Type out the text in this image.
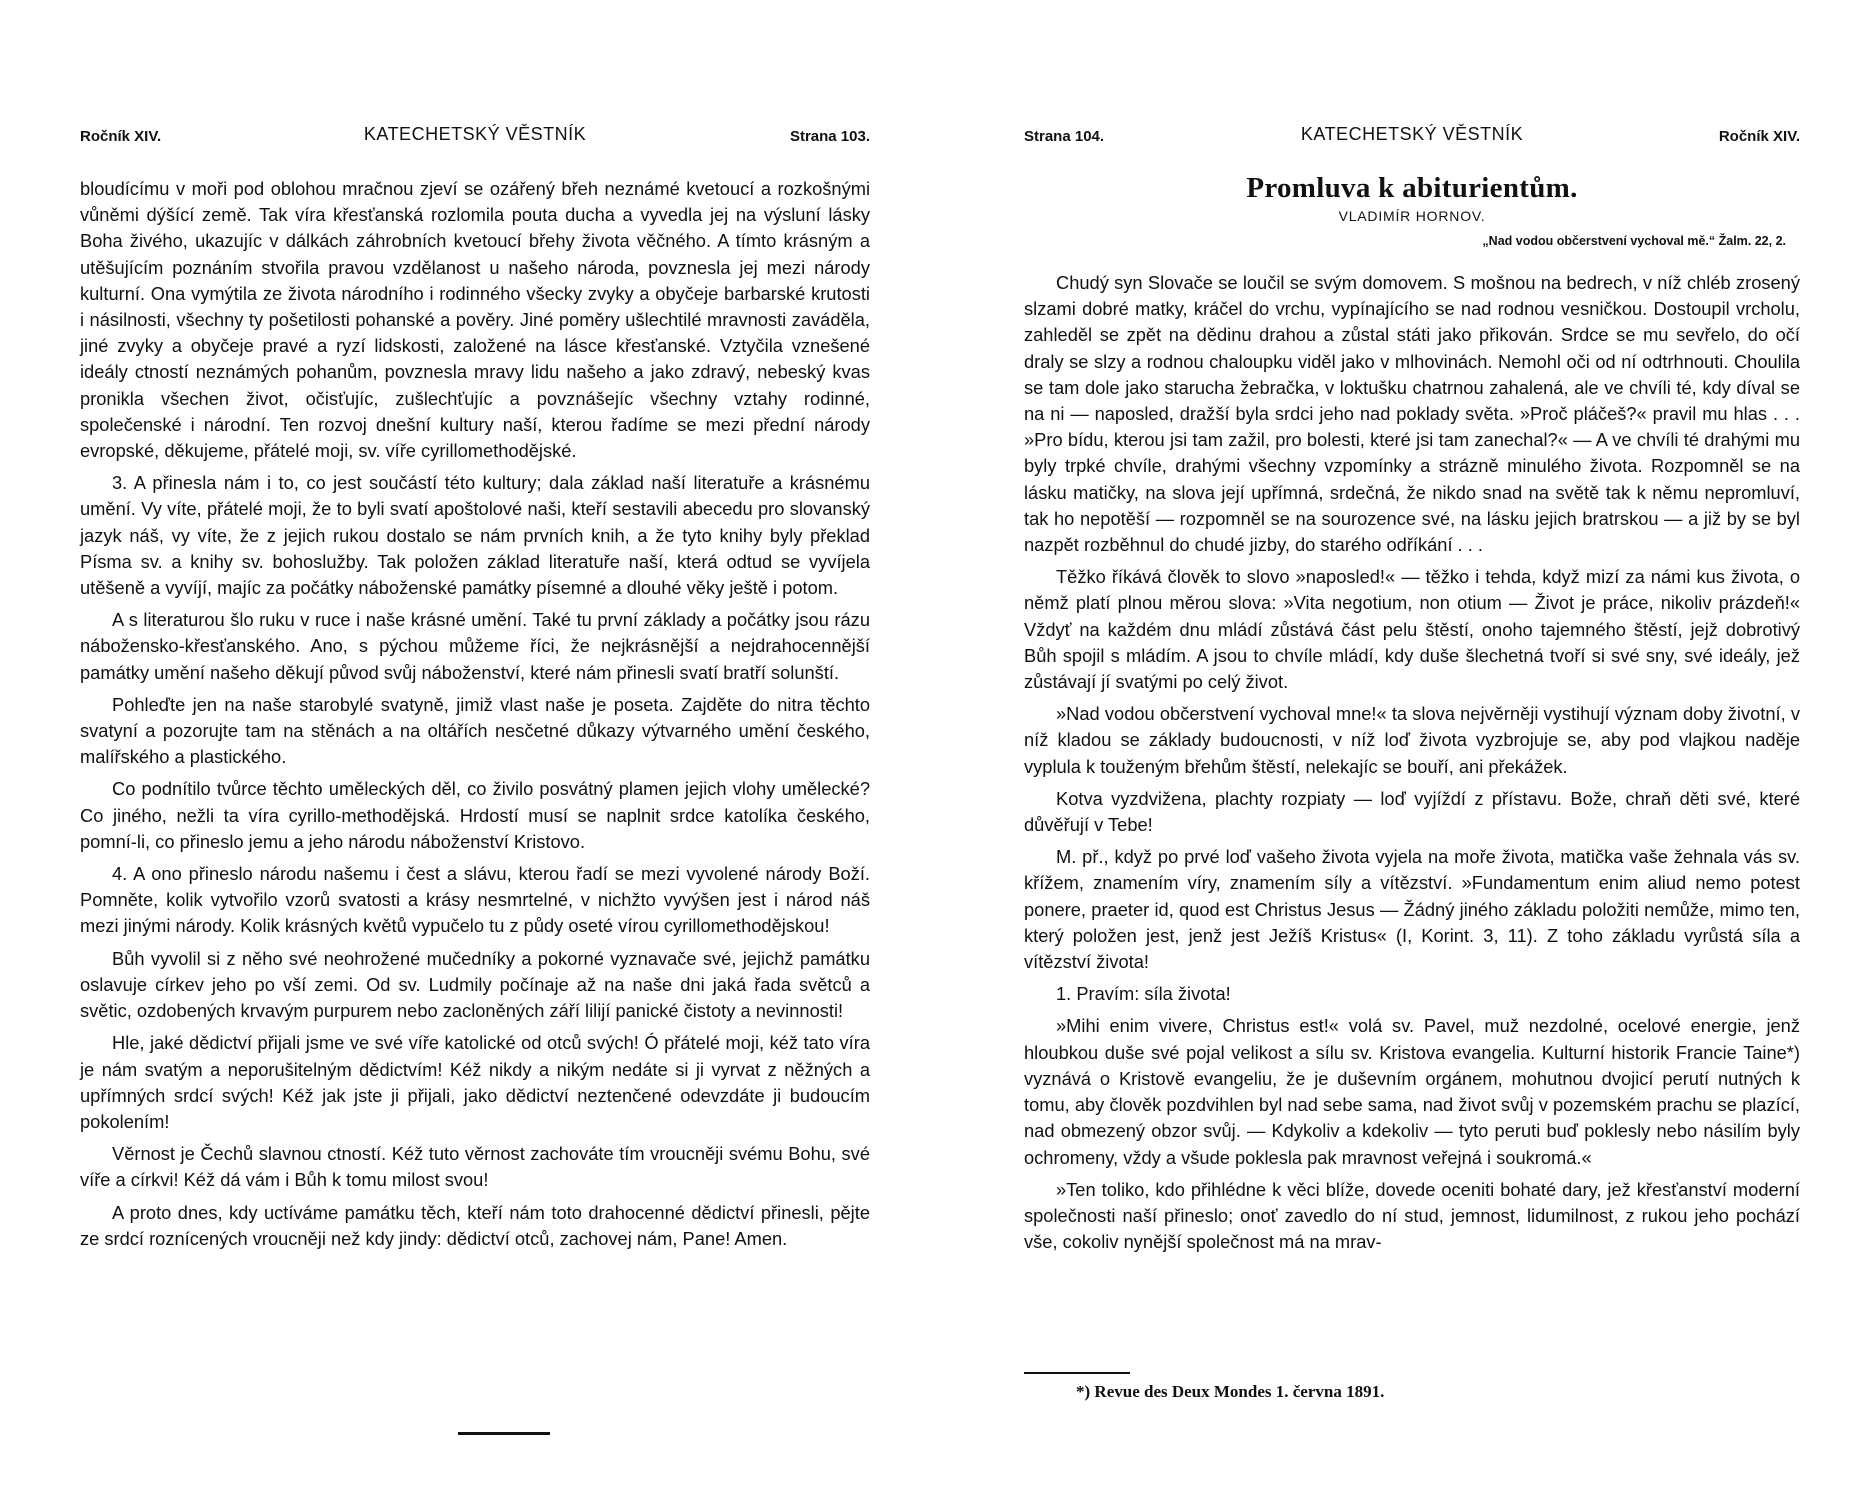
Ročník XIV.	KATECHETSKÝ VĚSTNÍK	Strana 103.

bloudícímu v moři pod oblohou mračnou zjeví se ozářený břeh neznámé kvetoucí a rozkošnými vůněmi dýšící země. Tak víra křesťanská rozlomila pouta ducha a vyvedla jej na výsluní lásky Boha živého, ukazujíc v dálkách záhrobních kvetoucí břehy života věčného. A tímto krásným a utěšujícím poznáním stvořila pravou vzdělanost u našeho národa, povznesla jej mezi národy kulturní. Ona vymýtila ze života národního i rodinného všecky zvyky a obyčeje barbarské krutosti i násilnosti, všechny ty pošetilosti pohanské a pověry. Jiné poměry ušlechtilé mravnosti zaváděla, jiné zvyky a obyčeje pravé a ryzí lidskosti, založené na lásce křesťanské. Vztyčila vznešené ideály ctností neznámých pohanům, povznesla mravy lidu našeho a jako zdravý, nebeský kvas pronikla všechen život, očisťujíc, zušlechťujíc a povznášejíc všechny vztahy rodinné, společenské i národní. Ten rozvoj dnešní kultury naší, kterou řadíme se mezi přední národy evropské, děkujeme, přátelé moji, sv. víře cyrillomethodějské.

3. A přinesla nám i to, co jest součástí této kultury; dala základ naší literatuře a krásnému umění. Vy víte, přátelé moji, že to byli svatí apoštolové naši, kteří sestavili abecedu pro slovanský jazyk náš, vy víte, že z jejich rukou dostalo se nám prvních knih, a že tyto knihy byly překlad Písma sv. a knihy sv. bohoslužby. Tak položen základ literatuře naší, která odtud se vyvíjela utěšeně a vyvíjí, majíc za počátky náboženské památky písemné a dlouhé věky ještě i potom.

A s literaturou šlo ruku v ruce i naše krásné umění. Také tu první základy a počátky jsou rázu nábožensko-křesťanského. Ano, s pýchou můžeme říci, že nejkrásnější a nejdrahocennější památky umění našeho děkují původ svůj náboženství, které nám přinesli svatí bratří solunští.

Pohleďte jen na naše starobylé svatyně, jimiž vlast naše je poseta. Zajděte do nitra těchto svatyní a pozorujte tam na stěnách a na oltářích nesčetné důkazy výtvarného umění českého, malířského a plastického.

Co podnítilo tvůrce těchto uměleckých děl, co živilo posvátný plamen jejich vlohy umělecké? Co jiného, nežli ta víra cyrillo-methodějská. Hrdostí musí se naplnit srdce katolíka českého, pomní-li, co přineslo jemu a jeho národu náboženství Kristovo.

4. A ono přineslo národu našemu i čest a slávu, kterou řadí se mezi vyvolené národy Boží. Pomněte, kolik vytvořilo vzorů svatosti a krásy nesmrtelné, v nichžto vyvýšen jest i národ náš mezi jinými národy. Kolik krásných květů vypučelo tu z půdy oseté vírou cyrillomethodějskou!

Bůh vyvolil si z něho své neohrožené mučedníky a pokorné vyznavače své, jejichž památku oslavuje církev jeho po vší zemi. Od sv. Ludmily počínaje až na naše dni jaká řada světců a světic, ozdobených krvavým purpurem nebo zacloněných září lilijí panické čistoty a nevinnosti!

Hle, jaké dědictví přijali jsme ve své víře katolické od otců svých! Ó přátelé moji, kéž tato víra je nám svatým a neporušitelným dědictvím! Kéž nikdy a nikým nedáte si ji vyrvat z něžných a upřímných srdcí svých! Kéž jak jste ji přijali, jako dědictví neztenčené odevzdáte ji budoucím pokolením!

Věrnost je Čechů slavnou ctností. Kéž tuto věrnost zachováte tím vroucněji svému Bohu, své víře a církvi! Kéž dá vám i Bůh k tomu milost svou!

A proto dnes, kdy uctíváme památku těch, kteří nám toto drahocenné dědictví přinesli, pějte ze srdcí roznícených vroucněji než kdy jindy: dědictví otců, zachovej nám, Pane! Amen.

Strana 104.	KATECHETSKÝ VĚSTNÍK	Ročník XIV.
Promluva k abiturientům.
VLADIMÍR HORNOV.
„Nad vodou občerstvení vychoval mě.“ Žalm. 22, 2.

Chudý syn Slovače se loučil se svým domovem. S mošnou na bedrech, v níž chléb zrosený slzami dobré matky, kráčel do vrchu, vypínajícího se nad rodnou vesničkou. Dostoupil vrcholu, zahleděl se zpět na dědinu drahou a zůstal státi jako přikován. Srdce se mu sevřelo, do očí draly se slzy a rodnou chaloupku viděl jako v mlhovinách. Nemohl oči od ní odtrhnouti. Choulila se tam dole jako starucha žebračka, v loktušku chatrnou zahalená, ale ve chvíli té, kdy díval se na ni — naposled, dražší byla srdci jeho nad poklady světa. »Proč pláčeš?« pravil mu hlas . . . »Pro bídu, kterou jsi tam zažil, pro bolesti, které jsi tam zanechal?« — A ve chvíli té drahými mu byly trpké chvíle, drahými všechny vzpomínky a strázně minulého života. Rozpomněl se na lásku matičky, na slova její upřímná, srdečná, že nikdo snad na světě tak k němu nepromluví, tak ho nepotěší — rozpomněl se na sourozence své, na lásku jejich bratrskou — a již by se byl nazpět rozběhnul do chudé jizby, do starého odříkání . . .

Těžko říkává člověk to slovo »naposled!« — těžko i tehda, když mizí za námi kus života, o němž platí plnou měrou slova: »Vita negotium, non otium — Život je práce, nikoliv prázdeň!« Vždyť na každém dnu mládí zůstává část pelu štěstí, onoho tajemného štěstí, jejž dobrotivý Bůh spojil s mládím. A jsou to chvíle mládí, kdy duše šlechetná tvoří si své sny, své ideály, jež zůstávají jí svatými po celý život.

»Nad vodou občerstvení vychoval mne!« ta slova nejvěrněji vystihují význam doby životní, v níž kladou se základy budoucnosti, v níž loď života vyzbrojuje se, aby pod vlajkou naděje vyplula k touženým břehům štěstí, nelekajíc se bouří, ani překážek.

Kotva vyzdvižena, plachty rozpiaty — loď vyjíždí z přístavu. Bože, chraň děti své, které důvěřují v Tebe!

M. př., když po prvé loď vašeho života vyjela na moře života, matička vaše žehnala vás sv. křížem, znamením víry, znamením síly a vítězství. »Fundamentum enim aliud nemo potest ponere, praeter id, quod est Christus Jesus — Žádný jiného základu položiti nemůže, mimo ten, který položen jest, jenž jest Ježíš Kristus« (I, Korint. 3, 11). Z toho základu vyrůstá síla a vítězství života!

1. Pravím: síla života!

»Mihi enim vivere, Christus est!« volá sv. Pavel, muž nezdolné, ocelové energie, jenž hloubkou duše své pojal velikost a sílu sv. Kristova evangelia. Kulturní historik Francie Taine*) vyznává o Kristově evangeliu, že je duševním orgánem, mohutnou dvojicí perutí nutných k tomu, aby člověk pozdvihlen byl nad sebe sama, nad život svůj v pozemském prachu se plazící, nad obmezený obzor svůj. — Kdykoliv a kdekoliv — tyto peruti buď poklesly nebo násilím byly ochromeny, vždy a všude poklesla pak mravnost veřejná i soukromá.«

»Ten toliko, kdo přihlédne k věci blíže, dovede oceniti bohaté dary, jež křesťanství moderní společnosti naší přineslo; onoť zavedlo do ní stud, jemnost, lidumilnost, z rukou jeho pochází vše, cokoliv nynější společnost má na mrav-

*) Revue des Deux Mondes 1. června 1891.
